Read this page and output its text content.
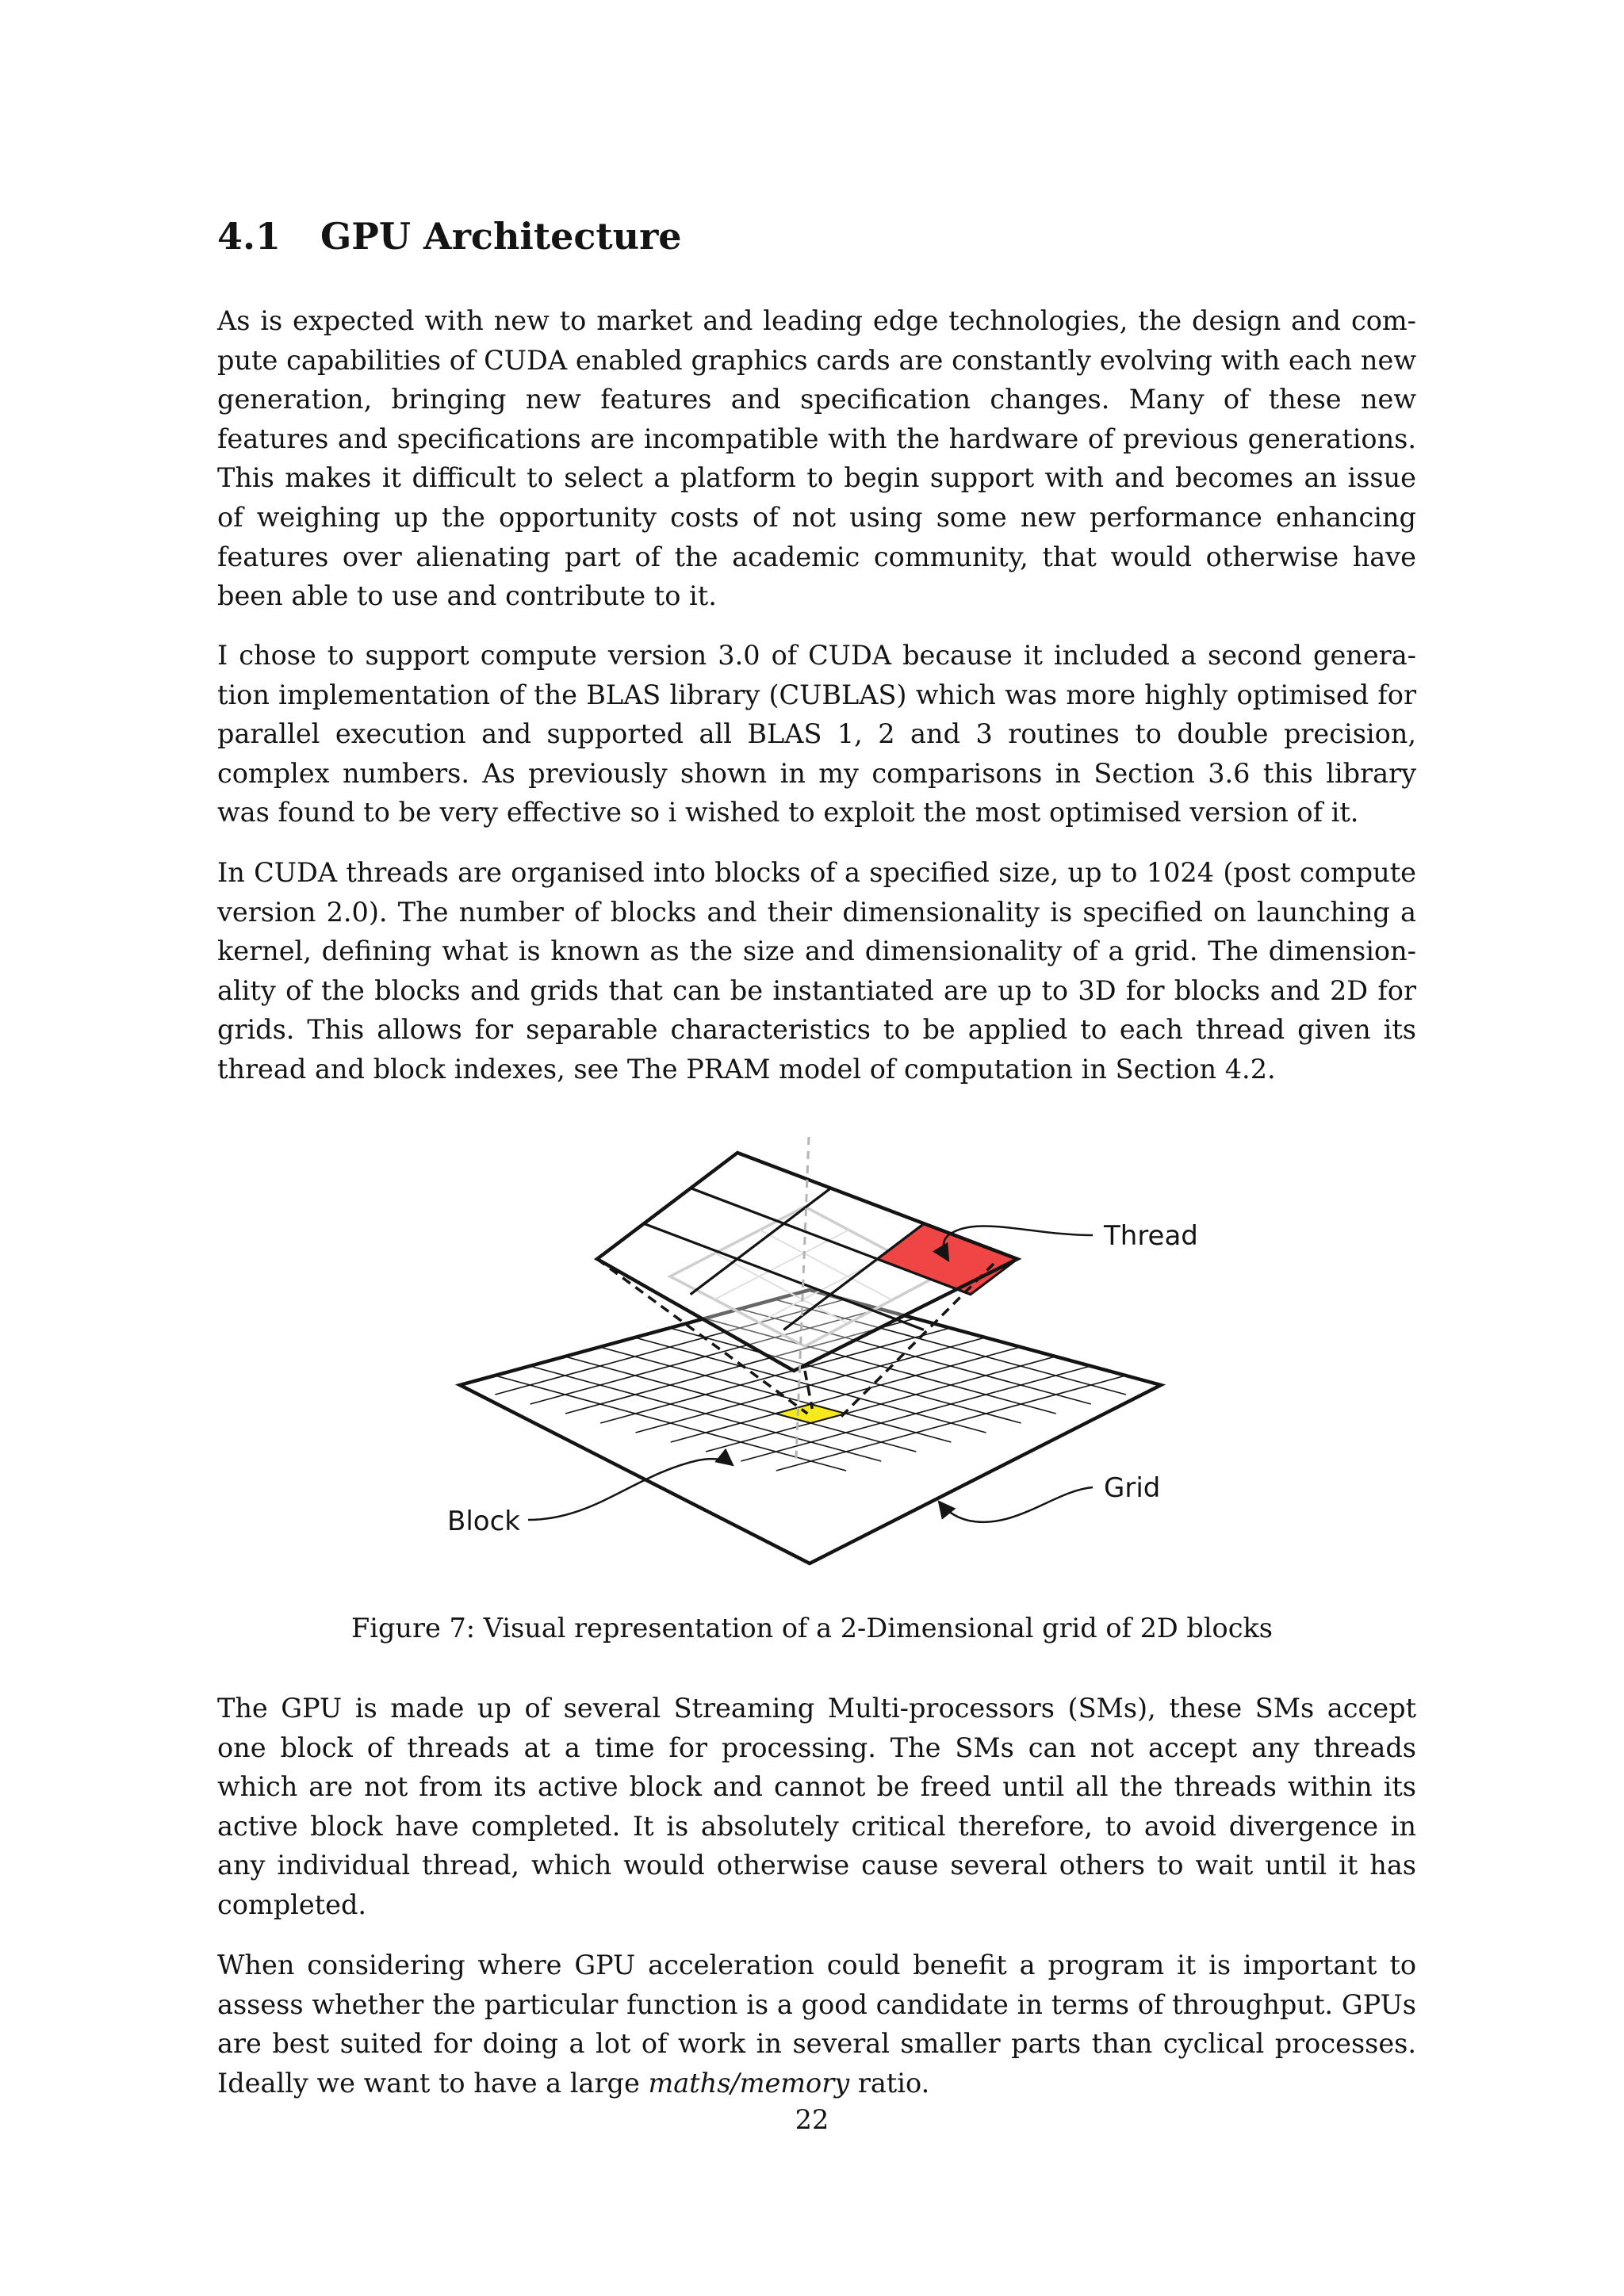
4.1 GPU Architecture

As is expected with new to market and leading edge technologies, the design and compute capabilities of CUDA enabled graphics cards are constantly evolving with each new generation, bringing new features and specification changes. Many of these new features and specifications are incompatible with the hardware of previous generations. This makes it difficult to select a platform to begin support with and becomes an issue of weighing up the opportunity costs of not using some new performance enhancing features over alienating part of the academic community, that would otherwise have been able to use and contribute to it.

I chose to support compute version 3.0 of CUDA because it included a second generation implementation of the BLAS library (CUBLAS) which was more highly optimised for parallel execution and supported all BLAS 1, 2 and 3 routines to double precision, complex numbers. As previously shown in my comparisons in Section 3.6 this library was found to be very effective so i wished to exploit the most optimised version of it.

In CUDA threads are organised into blocks of a specified size, up to 1024 (post compute version 2.0). The number of blocks and their dimensionality is specified on launching a kernel, defining what is known as the size and dimensionality of a grid. The dimensionality of the blocks and grids that can be instantiated are up to 3D for blocks and 2D for grids. This allows for separable characteristics to be applied to each thread given its thread and block indexes, see The PRAM model of computation in Section 4.2.

Thread
Grid
Block

Figure 7: Visual representation of a 2-Dimensional grid of 2D blocks

The GPU is made up of several Streaming Multi-processors (SMs), these SMs accept one block of threads at a time for processing. The SMs can not accept any threads which are not from its active block and cannot be freed until all the threads within its active block have completed. It is absolutely critical therefore, to avoid divergence in any individual thread, which would otherwise cause several others to wait until it has completed.

When considering where GPU acceleration could benefit a program it is important to assess whether the particular function is a good candidate in terms of throughput. GPUs are best suited for doing a lot of work in several smaller parts than cyclical processes. Ideally we want to have a large maths/memory ratio.

22
